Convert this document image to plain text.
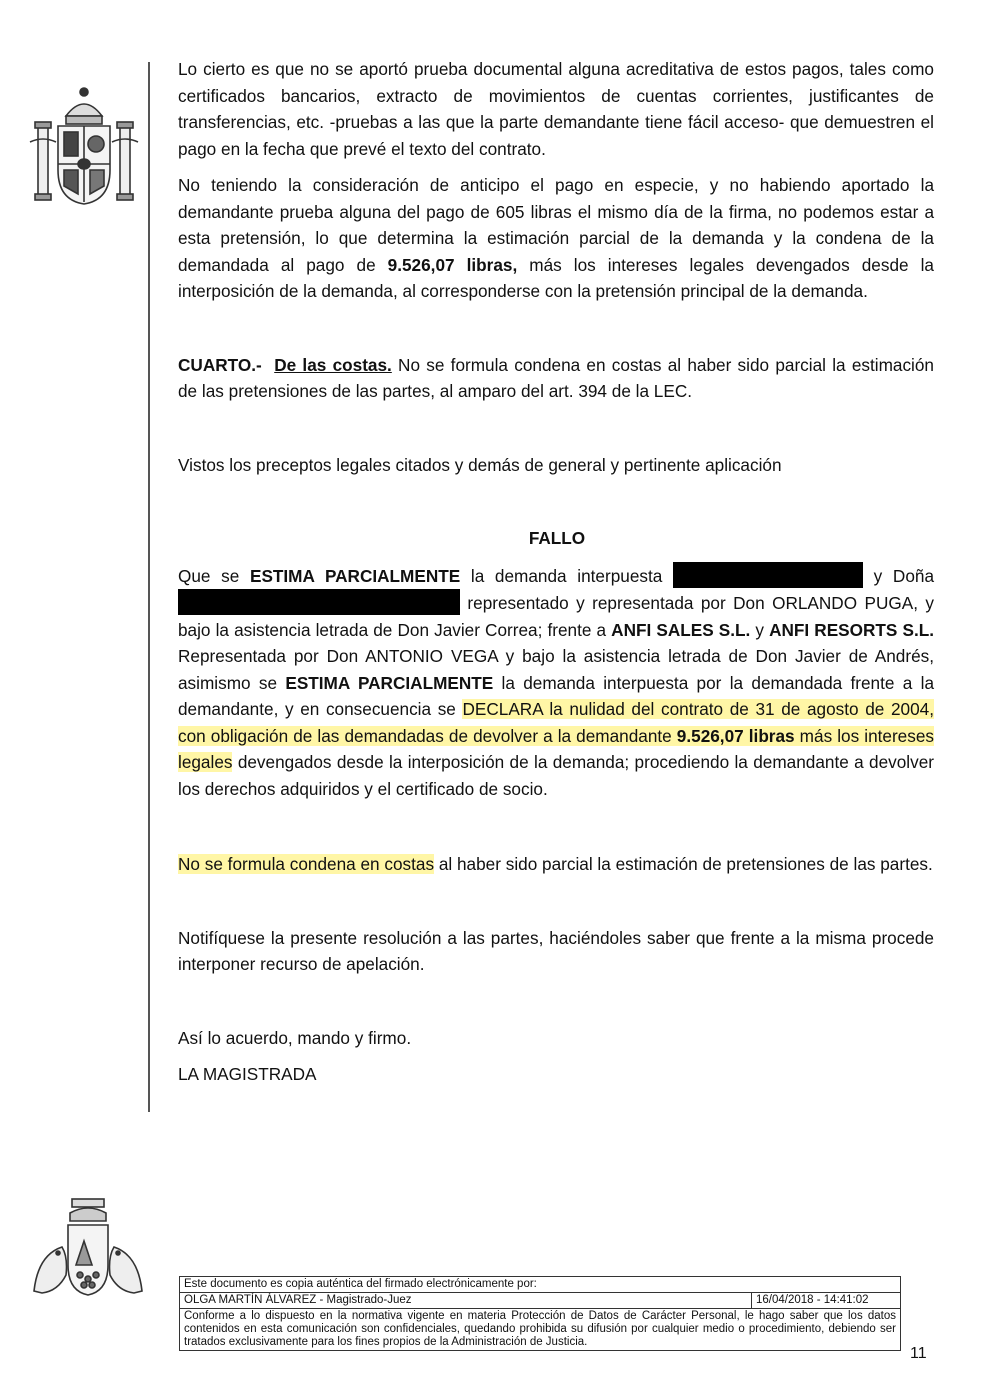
Lo cierto es que no se aportó prueba documental alguna acreditativa de estos pagos, tales como certificados bancarios, extracto de movimientos de cuentas corrientes, justificantes de transferencias, etc. -pruebas a las que la parte demandante tiene fácil acceso- que demuestren el pago en la fecha que prevé el texto del contrato.

No teniendo la consideración de anticipo el pago en especie, y no habiendo aportado la demandante prueba alguna del pago de 605 libras el mismo día de la firma, no podemos estar a esta pretensión, lo que determina la estimación parcial de la demanda y la condena de la demandada al pago de 9.526,07 libras, más los intereses legales devengados desde la interposición de la demanda, al corresponderse con la pretensión principal de la demanda.

CUARTO.- De las costas. No se formula condena en costas al haber sido parcial la estimación de las pretensiones de las partes, al amparo del art. 394 de la LEC.

Vistos los preceptos legales citados y demás de general y pertinente aplicación

FALLO

Que se ESTIMA PARCIALMENTE la demanda interpuesta	y Doña  representado y representada por Don ORLANDO PUGA, y bajo la asistencia letrada de Don Javier Correa; frente a ANFI SALES S.L. y ANFI RESORTS S.L. Representada por Don ANTONIO VEGA y bajo la asistencia letrada de Don Javier de Andrés, asimismo se ESTIMA PARCIALMENTE la demanda interpuesta por la demandada frente a la demandante, y en consecuencia se DECLARA la nulidad del contrato de 31 de agosto de 2004, con obligación de las demandadas de devolver a la demandante 9.526,07 libras más los intereses legales devengados desde la interposición de la demanda; procediendo la demandante a devolver los derechos adquiridos y el certificado de socio.

No se formula condena en costas al haber sido parcial la estimación de pretensiones de las partes.

Notifíquese la presente resolución a las partes, haciéndoles saber que frente a la misma procede interponer recurso de apelación.

Así lo acuerdo, mando y firmo.

LA MAGISTRADA

Este documento es copia auténtica del firmado electrónicamente por:
OLGA MARTÍN ÁLVAREZ - Magistrado-Juez	16/04/2018 - 14:41:02
Conforme a lo dispuesto en la normativa vigente en materia Protección de Datos de Carácter Personal, le hago saber que los datos contenidos en esta comunicación son confidenciales, quedando prohibida su difusión por cualquier medio o procedimiento, debiendo ser tratados exclusivamente para los fines propios de la Administración de Justicia.
11
